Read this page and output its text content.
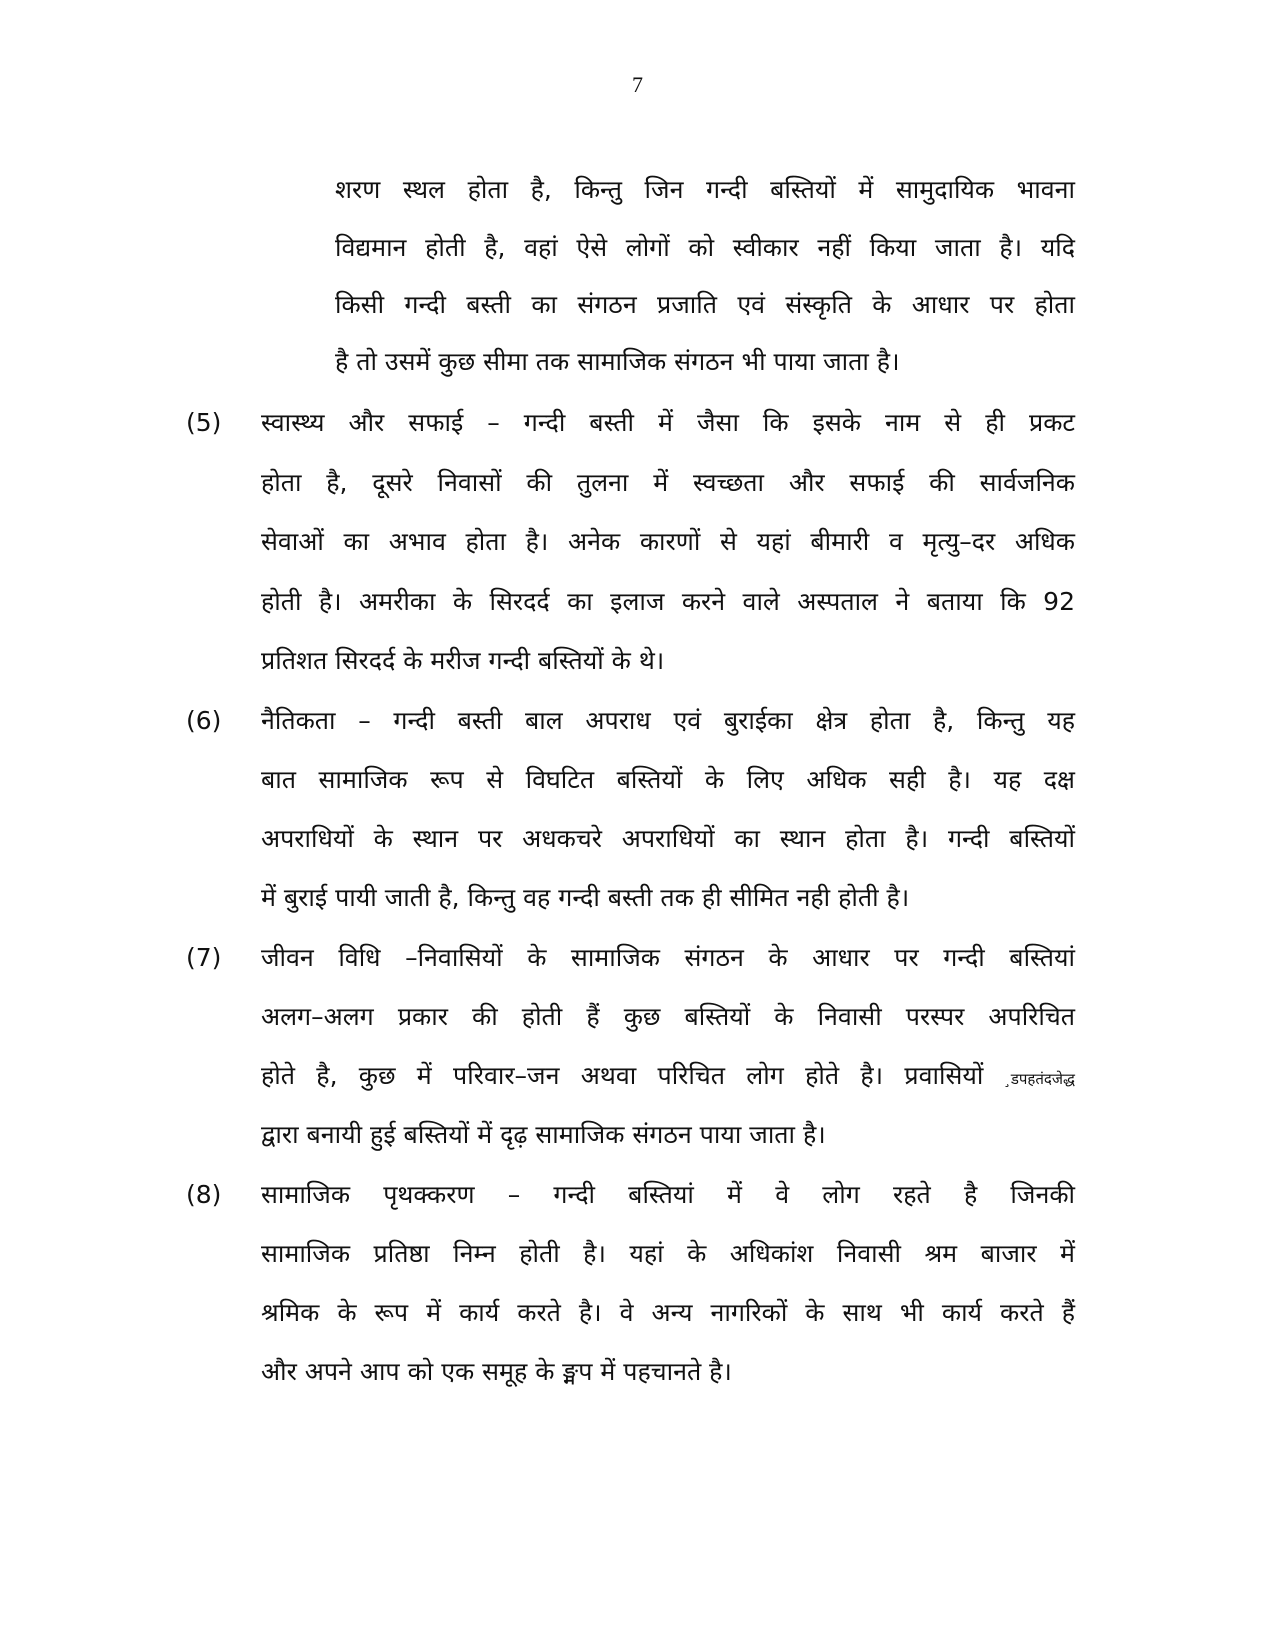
7
शरण स्थल होता है, किन्तु जिन गन्दी बस्तियों में सामुदायिक भावना
विद्यमान होती है, वहां ऐसे लोगों को स्वीकार नहीं किया जाता है। यदि
किसी गन्दी बस्ती का संगठन प्रजाति एवं संस्कृति के आधार पर होता
है तो उसमें कुछ सीमा तक सामाजिक संगठन भी पाया जाता है।
(5) स्वास्थ्य और सफाई – गन्दी बस्ती में जैसा कि इसके नाम से ही प्रकट
होता है, दूसरे निवासों की तुलना में स्वच्छता और सफाई की सार्वजनिक
सेवाओं का अभाव होता है। अनेक कारणों से यहां बीमारी व मृत्यु–दर अधिक
होती है। अमरीका के सिरदर्द का इलाज करने वाले अस्पताल ने बताया कि 92
प्रतिशत सिरदर्द के मरीज गन्दी बस्तियों के थे।
(6) नैतिकता – गन्दी बस्ती बाल अपराध एवं बुराईका क्षेत्र होता है, किन्तु यह
बात सामाजिक रूप से विघटित बस्तियों के लिए अधिक सही है। यह दक्ष
अपराधियों के स्थान पर अधकचरे अपराधियों का स्थान होता है। गन्दी बस्तियों
में बुराई पायी जाती है, किन्तु वह गन्दी बस्ती तक ही सीमित नही होती है।
(7) जीवन विधि –निवासियों के सामाजिक संगठन के आधार पर गन्दी बस्तियां
अलग–अलग प्रकार की होती हैं कुछ बस्तियों के निवासी परस्पर अपरिचित
होते है, कुछ में परिवार–जन अथवा परिचित लोग होते है। प्रवासियों ¸डपहतंदजेद्ध
द्वारा बनायी हुई बस्तियों में दृढ़ सामाजिक संगठन पाया जाता है।
(8) सामाजिक पृथक्करण – गन्दी बस्तियां में वे लोग रहते है जिनकी
सामाजिक प्रतिष्ठा निम्न होती है। यहां के अधिकांश निवासी श्रम बाजार में
श्रमिक के रूप में कार्य करते है। वे अन्य नागरिकों के साथ भी कार्य करते हैं
और अपने आप को एक समूह के ङ्मप में पहचानते है।
